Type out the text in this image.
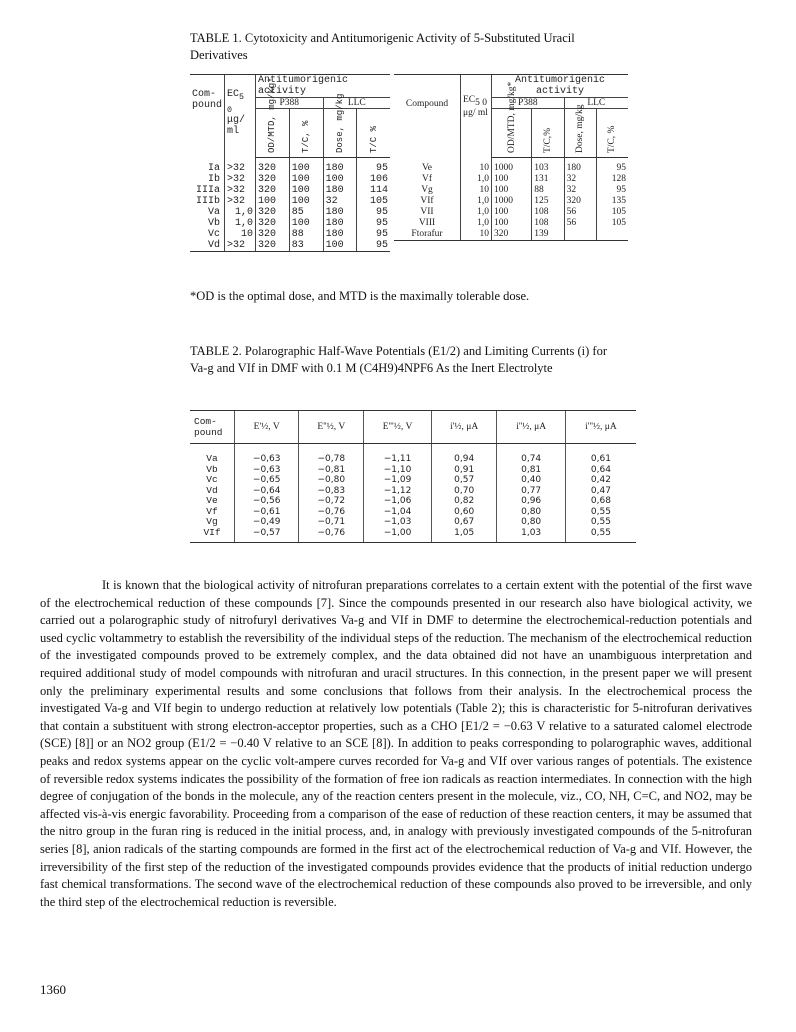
TABLE 1. Cytotoxicity and Antitumorigenic Activity of 5-Substituted Uracil Derivatives
Com- pound	$EC_{5 0}$
μg/ ml	Antitumorigenic activity			
		P388		LLC	
		OD/MTD, mg/kg*	T/C, %	Dose, mg/kg	T/C %
Ia	>32	320	100	180	95
Ib	>32	320	100	100	106
IIIa	>32	320	100	180	114
IIIb	>32	100	100	32	105
Va	1,0	320	85	180	95
Vb	1,0	320	100	180	95
Vc	10	320	88	180	95
Vd	>32	320	83	100	95
Compound	$EC_{5 0}$
μg/ ml	Antitumorigenic activity			
		P388		LLC	
		OD/MTD, mg/kg*	T/C,%	Dose, mg/kg	T/C, %
Ve	10	1000	103	180	95
Vf	1,0	100	131	32	128
Vg	10	100	88	32	95
VIf	1,0	1000	125	320	135
VII	1,0	100	108	56	105
VIII	1,0	100	108	56	105
Ftorafur	10	320	139		
*OD is the optimal dose, and MTD is the maximally tolerable dose.
TABLE 2. Polarographic Half-Wave Potentials (E1/2) and Limiting Currents (i) for Va-g and VIf in DMF with 0.1 M (C4H9)4NPF6 As the Inert Electrolyte
Com- pound	E'½, V	E''½, V	E'''½, V	i'½, μA	i''½, μA	i'''½, μA
Va	−0,63	−0,78	−1,11	0,94	0,74	0,61
Vb	−0,63	−0,81	−1,10	0,91	0,81	0,64
Vc	−0,65	−0,80	−1,09	0,57	0,40	0,42
Vd	−0,64	−0,83	−1,12	0,70	0,77	0,47
Ve	−0,56	−0,72	−1,06	0,82	0,96	0,68
Vf	−0,61	−0,76	−1,04	0,60	0,80	0,55
Vg	−0,49	−0,71	−1,03	0,67	0,80	0,55
VIf	−0,57	−0,76	−1,00	1,05	1,03	0,55

It is known that the biological activity of nitrofuran preparations correlates to a certain extent with the potential of the first wave of the electrochemical reduction of these compounds [7]. Since the compounds presented in our research also have biological activity, we carried out a polarographic study of nitrofuryl derivatives Va-g and VIf in DMF to determine the electrochemical-reduction potentials and used cyclic voltammetry to establish the reversibility of the individual steps of the reduction. The mechanism of the electrochemical reduction of the investigated compounds proved to be extremely complex, and the data obtained did not have an unambiguous interpretation and required additional study of model compounds with nitrofuran and uracil structures. In this connection, in the present paper we will present only the preliminary experimental results and some conclusions that follows from their analysis. In the electrochemical process the investigated Va-g and VIf begin to undergo reduction at relatively low potentials (Table 2); this is characteristic for 5-nitrofuran derivatives that contain a substituent with strong electron-acceptor properties, such as a CHO [E1/2 = −0.63 V relative to a saturated calomel electrode (SCE) [8]] or an NO2 group (E1/2 = −0.40 V relative to an SCE [8]). In addition to peaks corresponding to polarographic waves, additional peaks and redox systems appear on the cyclic volt-ampere curves recorded for Va-g and VIf over various ranges of potentials. The existence of reversible redox systems indicates the possibility of the formation of free ion radicals as reaction intermediates. In connection with the high degree of conjugation of the bonds in the molecule, any of the reaction centers present in the molecule, viz., CO, NH, C=C, and NO2, may be affected vis-à-vis energic favorability. Proceeding from a comparison of the ease of reduction of these reaction centers, it may be assumed that the nitro group in the furan ring is reduced in the initial process, and, in analogy with previously investigated compounds of the 5-nitrofuran series [8], anion radicals of the starting compounds are formed in the first act of the electrochemical reduction of Va-g and VIf. However, the irreversibility of the first step of the reduction of the investigated compounds provides evidence that the products of initial reduction undergo fast chemical transformations. The second wave of the electrochemical reduction of these compounds also proved to be irreversible, and only the third step of the electrochemical reduction is reversible.

1360
